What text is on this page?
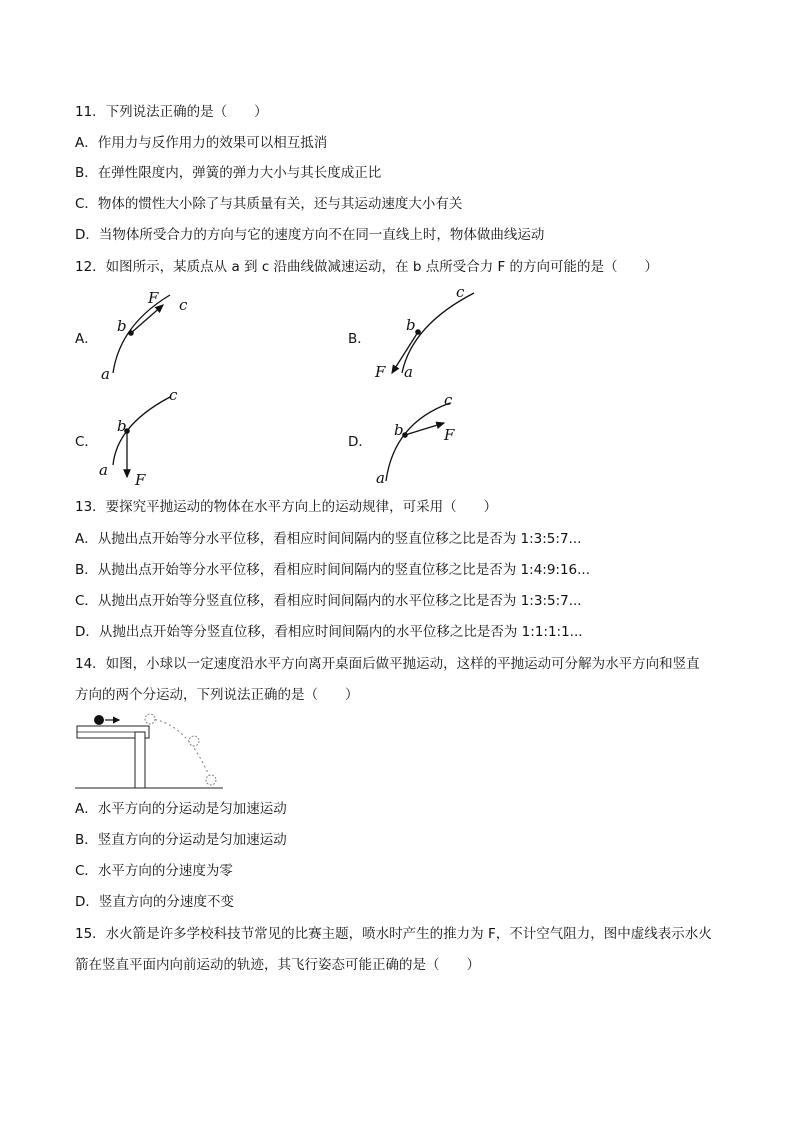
11．下列说法正确的是（　　）
A．作用力与反作用力的效果可以相互抵消
B．在弹性限度内，弹簧的弹力大小与其长度成正比
C．物体的惯性大小除了与其质量有关，还与其运动速度大小有关
D．当物体所受合力的方向与它的速度方向不在同一直线上时，物体做曲线运动
12．如图所示，某质点从 a 到 c 沿曲线做减速运动，在 b 点所受合力 F 的方向可能的是（　　）
A．	B．
C．	D．
a
b
F c
b
c
F a
b
c
a
F
b
c
F
a
13．要探究平抛运动的物体在水平方向上的运动规律，可采用（　　）
A．从抛出点开始等分水平位移，看相应时间间隔内的竖直位移之比是否为 1:3:5:7...
B．从抛出点开始等分水平位移，看相应时间间隔内的竖直位移之比是否为 1:4:9:16...
C．从抛出点开始等分竖直位移，看相应时间间隔内的水平位移之比是否为 1:3:5:7...
D．从抛出点开始等分竖直位移，看相应时间间隔内的水平位移之比是否为 1:1:1:1...
14．如图，小球以一定速度沿水平方向离开桌面后做平抛运动，这样的平抛运动可分解为水平方向和竖直
方向的两个分运动，下列说法正确的是（　　）
A．水平方向的分运动是匀加速运动
B．竖直方向的分运动是匀加速运动
C．水平方向的分速度为零
D．竖直方向的分速度不变
15．水火箭是许多学校科技节常见的比赛主题，喷水时产生的推力为 F，不计空气阻力，图中虚线表示水火
箭在竖直平面内向前运动的轨迹，其飞行姿态可能正确的是（　　）
